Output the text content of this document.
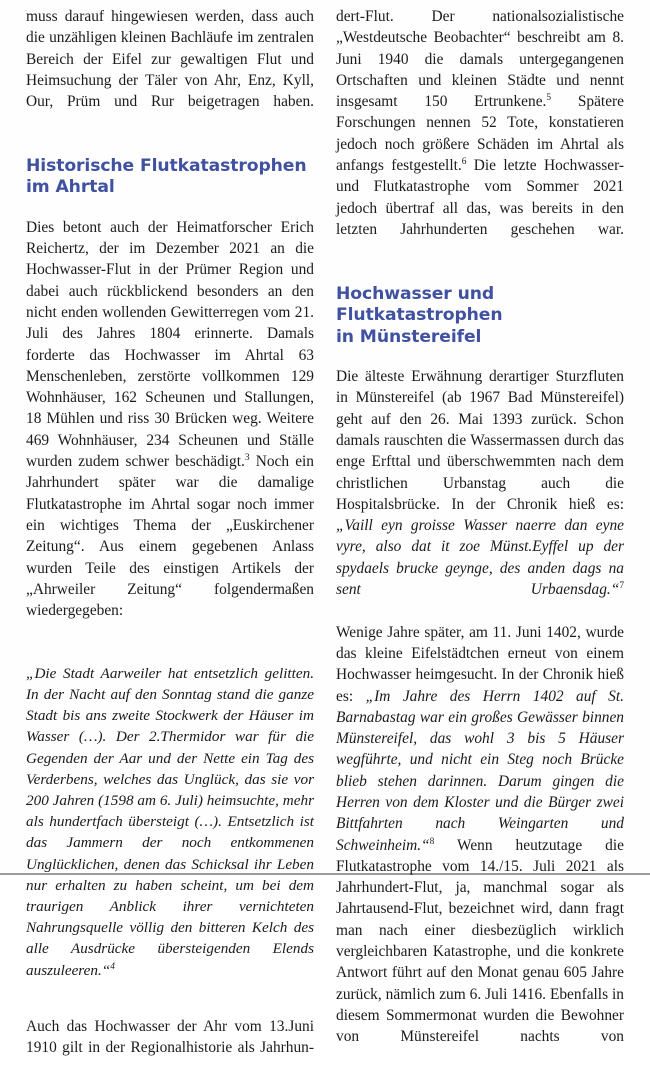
muss darauf hingewiesen werden, dass auch die unzähligen kleinen Bachläufe im zentralen Bereich der Eifel zur gewaltigen Flut und Heimsuchung der Täler von Ahr, Enz, Kyll, Our, Prüm und Rur beigetragen haben.

Historische Flutkatastrophen
im Ahrtal

Dies betont auch der Heimatforscher Erich Reichertz, der im Dezember 2021 an die Hochwasser-Flut in der Prümer Region und dabei auch rückblickend besonders an den nicht enden wollenden Gewitterregen vom 21. Juli des Jahres 1804 erinnerte. Damals forderte das Hochwasser im Ahrtal 63 Menschenleben, zerstörte vollkommen 129 Wohnhäuser, 162 Scheunen und Stallungen, 18 Mühlen und riss 30 Brücken weg. Weitere 469 Wohnhäuser, 234 Scheunen und Ställe wurden zudem schwer beschädigt.$^3$ Noch ein Jahrhundert später war die damalige Flutkatastrophe im Ahrtal sogar noch immer ein wichtiges Thema der „Euskirchener Zeitung“. Aus einem gegebenen Anlass wurden Teile des einstigen Artikels der „Ahrweiler Zeitung“ folgendermaßen wiedergegeben:

„Die Stadt Aarweiler hat entsetzlich gelitten. In der Nacht auf den Sonntag stand die ganze Stadt bis ans zweite Stockwerk der Häuser im Wasser (…). Der 2.Thermidor war für die Gegenden der Aar und der Nette ein Tag des Verderbens, welches das Unglück, das sie vor 200 Jahren (1598 am 6. Juli) heimsuchte, mehr als hundertfach übersteigt (…). Entsetzlich ist das Jammern der noch entkommenen Unglücklichen, denen das Schicksal ihr Leben nur erhalten zu haben scheint, um bei dem traurigen Anblick ihrer vernichteten Nahrungsquelle völlig den bitteren Kelch des alle Ausdrücke übersteigenden Elends auszuleeren.“$^4$

Auch das Hochwasser der Ahr vom 13.Juni 1910 gilt in der Regionalhistorie als Jahrhun-

dert-Flut. Der nationalsozialistische „Westdeutsche Beobachter“ beschreibt am 8. Juni 1940 die damals untergegangenen Ortschaften und kleinen Städte und nennt insgesamt 150 Ertrunkene.$^5$ Spätere Forschungen nennen 52 Tote, konstatieren jedoch noch größere Schäden im Ahrtal als anfangs festgestellt.$^6$ Die letzte Hochwasser- und Flutkatastrophe vom Sommer 2021 jedoch übertraf all das, was bereits in den letzten Jahrhunderten geschehen war.

Hochwasser und Flutkatastrophen
in Münstereifel

Die älteste Erwähnung derartiger Sturzfluten in Münstereifel (ab 1967 Bad Münstereifel) geht auf den 26. Mai 1393 zurück. Schon damals rauschten die Wassermassen durch das enge Erfttal und überschwemmten nach dem christlichen Urbanstag auch die Hospitalsbrücke. In der Chronik hieß es: „Vaill eyn groisse Wasser naerre dan eyne vyre, also dat it zoe Münst.Eyffel up der spydaels brucke geynge, des anden dags na sent Urbaensdag.“$^7$

Wenige Jahre später, am 11. Juni 1402, wurde das kleine Eifelstädtchen erneut von einem Hochwasser heimgesucht. In der Chronik hieß es: „Im Jahre des Herrn 1402 auf St. Barnabastag war ein großes Gewässer binnen Münstereifel, das wohl 3 bis 5 Häuser wegführte, und nicht ein Steg noch Brücke blieb stehen darinnen. Darum gingen die Herren von dem Kloster und die Bürger zwei Bittfahrten nach Weingarten und Schweinheim.“$^8$ Wenn heutzutage die Flutkatastrophe vom 14./15. Juli 2021 als Jahrhundert-Flut, ja, manchmal sogar als Jahrtausend-Flut, bezeichnet wird, dann fragt man nach einer diesbezüglich wirklich vergleichbaren Katastrophe, und die konkrete Antwort führt auf den Monat genau 605 Jahre zurück, nämlich zum 6. Juli 1416. Ebenfalls in diesem Sommermonat wurden die Bewohner von Münstereifel nachts von
